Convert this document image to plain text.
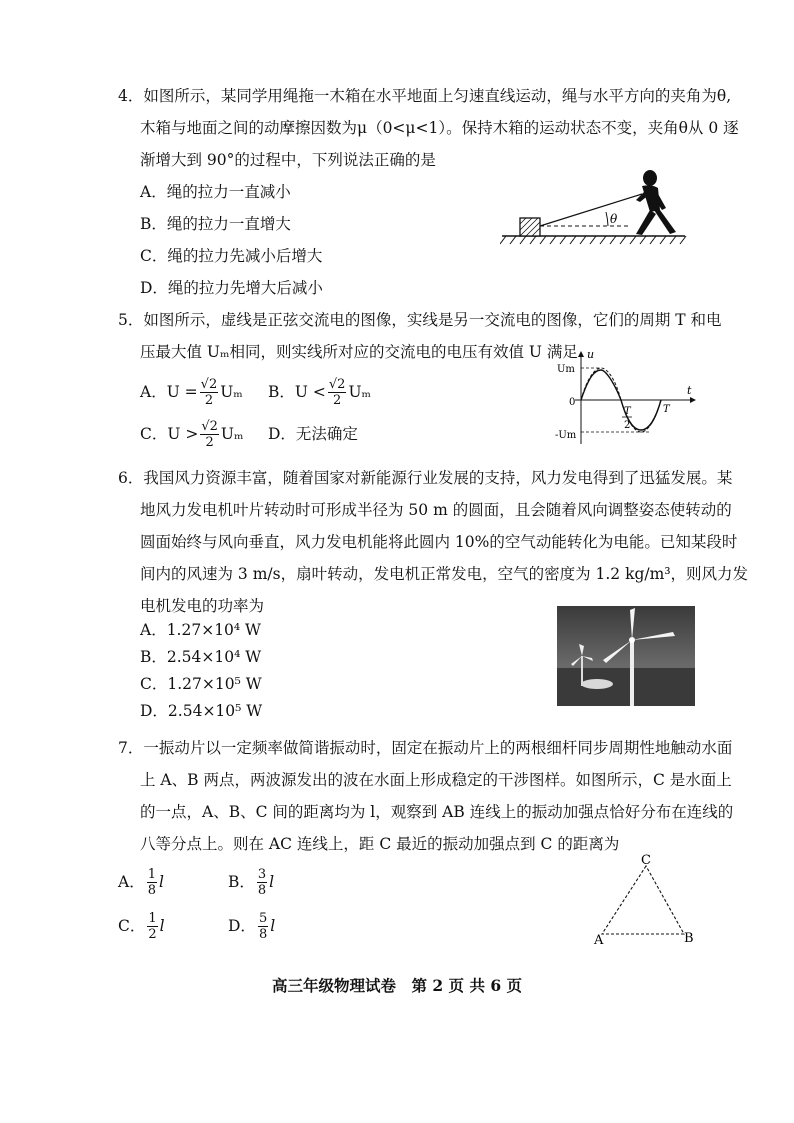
4．如图所示，某同学用绳拖一木箱在水平地面上匀速直线运动，绳与水平方向的夹角为θ,
木箱与地面之间的动摩擦因数为μ（0<μ<1）。保持木箱的运动状态不变，夹角θ从 0 逐
渐增大到 90°的过程中，下列说法正确的是
A．绳的拉力一直减小
B．绳的拉力一直增大
C．绳的拉力先减小后增大
D．绳的拉力先增大后减小
θ
5．如图所示，虚线是正弦交流电的图像，实线是另一交流电的图像，它们的周期 T 和电
压最大值 Uₘ相同，则实线所对应的交流电的电压有效值 U 满足
A．$U = \frac{√2}{2}$ Uₘ B．$U < \frac{√2}{2}$ Uₘ
C．$U > \frac{√2}{2}$ Uₘ D．无法确定
u
t
Um
0
-Um
T
2
T
6．我国风力资源丰富，随着国家对新能源行业发展的支持，风力发电得到了迅猛发展。某
地风力发电机叶片转动时可形成半径为 50 m 的圆面，且会随着风向调整姿态使转动的
圆面始终与风向垂直，风力发电机能将此圆内 10%的空气动能转化为电能。已知某段时
间内的风速为 3 m/s，扇叶转动，发电机正常发电，空气的密度为 1.2 kg/m³，则风力发
电机发电的功率为
A．1.27×10⁴ W
B．2.54×10⁴ W
C．1.27×10⁵ W
D．2.54×10⁵ W
7．一振动片以一定频率做简谐振动时，固定在振动片上的两根细杆同步周期性地触动水面
上 A、B 两点，两波源发出的波在水面上形成稳定的干涉图样。如图所示，C 是水面上
的一点，A、B、C 间的距离均为 l，观察到 AB 连线上的振动加强点恰好分布在连线的
八等分点上。则在 AC 连线上，距 C 最近的振动加强点到 C 的距离为
A． $\frac{1}{8}$ l	B． $\frac{3}{8}$ l
C． $\frac{1}{2}$ l	D． $\frac{5}{8}$ l
C
A	B
高三年级物理试卷　第 2 页 共 6 页
